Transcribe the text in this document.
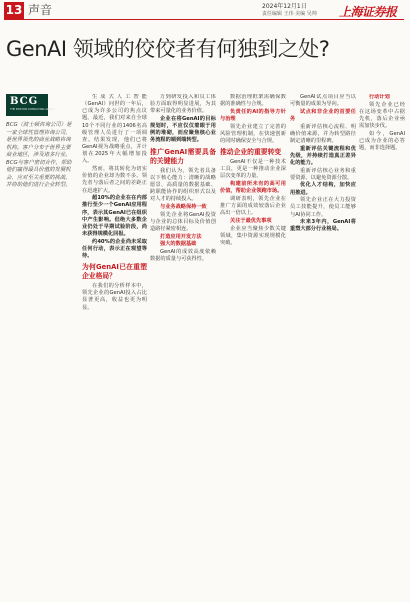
13 声音	2024年12月1日
责任编辑 王伟 美编 吴帅 上海证券报
GenAI 领域的佼佼者有何独到之处?
BCG
THE BOSTON CONSULTING GROUP
BCG（波士顿咨询公司）是一家全球性管理咨询公司，是世界领先的商业战略咨询机构。客户分布于世界主要商业地区，涉及诸多行业。BCG与客户密切合作，帮助他们赢得最具价值的发展机会、应对至关重要的挑战，并协助他们进行企业转型。

生成式人工智能（GenAI）问世的一年后，已成为许多公司的焦点议题。最近，我们对来自全球10个不同行业的1406名高级管理人员进行了一项调查。结果发现，他们已将GenAI视为战略重点，并计划在2025年大幅增加投入。

然而，将其转化为切实价值的企业却为数不多。领先者与落后者之间的差距正在迅速扩大。

超10%的企业在在内部推行至少一个GenAI应用程序，表示其GenAI已在组织中产生影响。但绝大多数企业仍处于早期试验阶段，尚未获得规模化回报。

约40%的企业尚未采取任何行动，表示正在观望等待。

为何GenAI已在重塑企业格局？

在我们的分析样本中，领先企业的GenAI投入占比显著更高，收益也更为明显。

万到研发投入和员工体验方面取得明显进展，为其带来可量化的业务价值。

企业在将GenAI的目标规划时，不应仅仅着眼于用例的堆砌，而应聚焦核心业务流程的端到端转型。

推广GenAI需要具备的关键能力

我们认为，领先者具备以下核心能力：清晰的战略愿景、高质量的数据基础、跨职能协作的组织形式以及对人才的持续投入。

与业务战略保持一致

领先企业将GenAI投资与企业的总体目标及价值创造路径紧密相连。

打造应用开发方法

强大的数据基础

GenAI的成效高度依赖数据的质量与可获得性。

数据治理框架需确保数据的准确性与合规。

负责任的AI的指导方针与治理

领先企业建立了完善的风险管理机制，在快速创新的同时确保安全与合规。

推动企业的重要转变

GenAI不仅是一种技术工具，更是一种推动企业深层次变革的力量。

构建前所未有的高可用价值，帮助企业领跑市场。

调研表明，领先企业在推广方面的成效较落后企业高出一倍以上。

关注于最优先事项

企业应当聚焦少数关键领域，集中资源实现规模化突破。

GenAI试点项目应当以可衡量的成果为导向。

试点和非企业的首要任务

重新评估核心流程、明确价值来源，并为转型路径制定清晰的里程碑。

重新评估关键流程和优先级，并持续打造真正差异化的能力。

重新评估核心业务和重要资源，以避免资源分散。

优化人才结构，加快应用推进。

领先企业正在大力投资员工技能提升，使员工能够与AI协同工作。

未来3年内，GenAI将重塑大部分行业格局。

行动计划

领先企业已经在这场变革中占据先机，落后企业亟需加快步伐。

如今，GenAI已成为企业的必答题，而非选择题。
